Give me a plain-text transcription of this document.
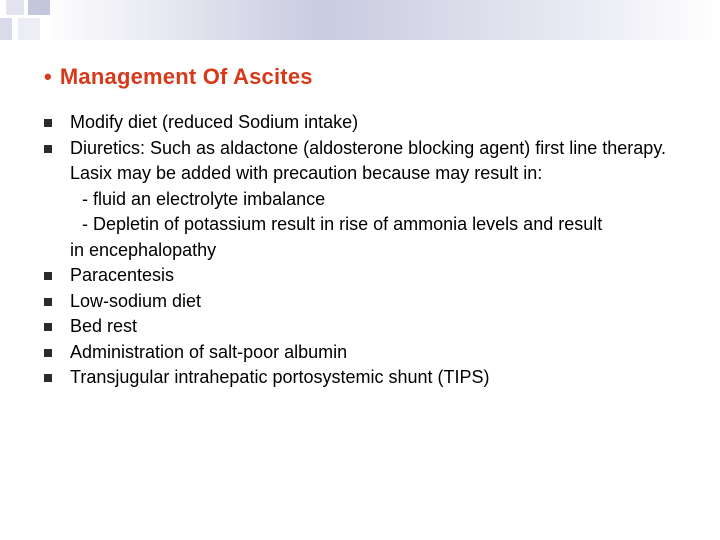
• Management Of Ascites
Modify diet (reduced Sodium intake)
Diuretics: Such as aldactone (aldosterone blocking agent) first line therapy. Lasix may be added with precaution because may result in:
- fluid an electrolyte imbalance
- Depletin of potassium result in rise of ammonia levels and result
in encephalopathy
Paracentesis
Low-sodium diet
Bed rest
Administration of salt-poor albumin
Transjugular intrahepatic portosystemic shunt (TIPS)
